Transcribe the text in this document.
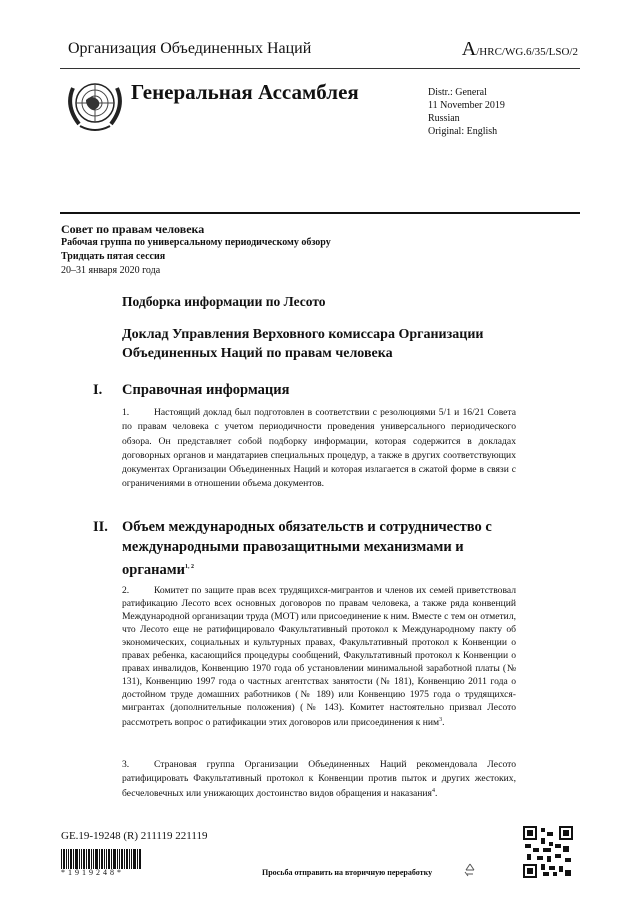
Организация Объединенных Наций	A/HRC/WG.6/35/LSO/2
Генеральная Ассамблея	Distr.: General
11 November 2019
Russian
Original: English
Совет по правам человека
Рабочая группа по универсальному периодическому обзору
Тридцать пятая сессия
20–31 января 2020 года
Подборка информации по Лесото
Доклад Управления Верховного комиссара Организации Объединенных Наций по правам человека
I. Справочная информация
1.	Настоящий доклад был подготовлен в соответствии с резолюциями 5/1 и 16/21 Совета по правам человека с учетом периодичности проведения универсального периодического обзора. Он представляет собой подборку информации, которая содержится в докладах договорных органов и мандатариев специальных процедур, а также в других соответствующих документах Организации Объединенных Наций и которая излагается в сжатой форме в связи с ограничениями в отношении объема документов.
II. Объем международных обязательств и сотрудничество с международными правозащитными механизмами и органами$^{1, 2}$
2.	Комитет по защите прав всех трудящихся-мигрантов и членов их семей приветствовал ратификацию Лесото всех основных договоров по правам человека, а также ряда конвенций Международной организации труда (МОТ) или присоединение к ним. Вместе с тем он отметил, что Лесото еще не ратифицировало Факультативный протокол к Международному пакту об экономических, социальных и культурных правах, Факультативный протокол к Конвенции о правах ребенка, касающийся процедуры сообщений, Факультативный протокол к Конвенции о правах инвалидов, Конвенцию 1970 года об установлении минимальной заработной платы (№ 131), Конвенцию 1997 года о частных агентствах занятости (№ 181), Конвенцию 2011 года о достойном труде домашних работников (№ 189) или Конвенцию 1975 года о трудящихся-мигрантах (дополнительные положения) (№ 143). Комитет настоятельно призвал Лесото рассмотреть вопрос о ратификации этих договоров или присоединения к ним$^3$.
3.	Страновая группа Организации Объединенных Наций рекомендовала Лесото ратифицировать Факультативный протокол к Конвенции против пыток и других жестоких, бесчеловечных или унижающих достоинство видов обращения и наказания$^4$.
GE.19-19248 (R) 211119 221119
*1919248*	Просьба отправить на вторичную переработку
